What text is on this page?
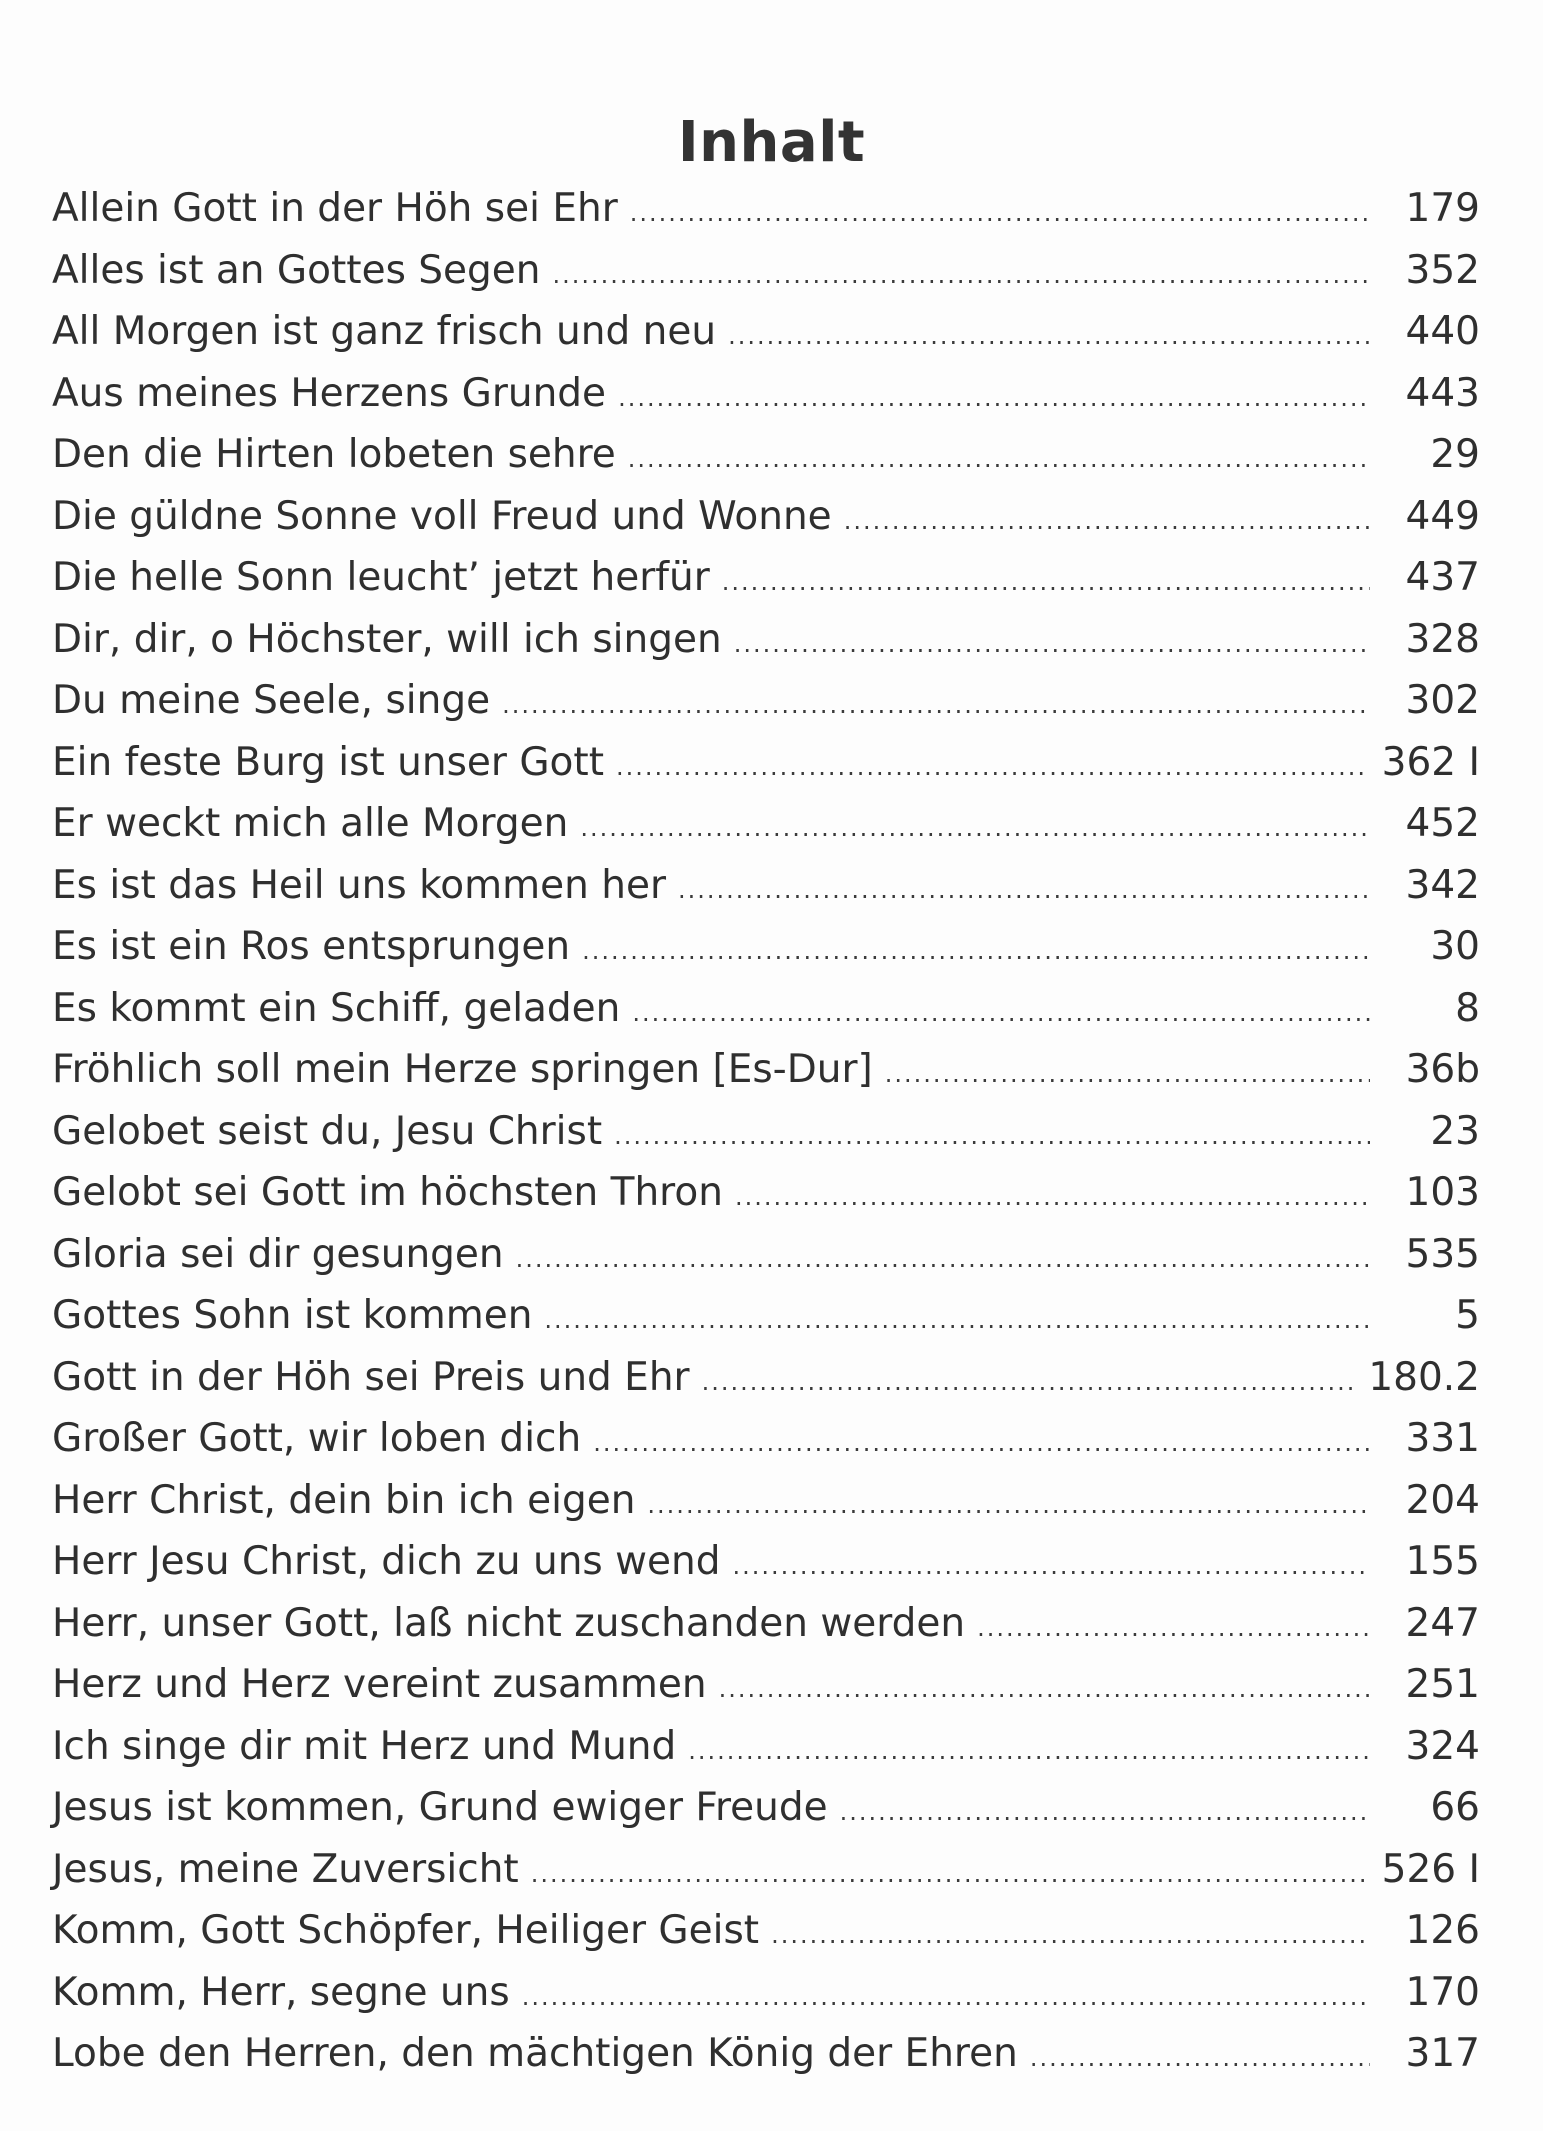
Inhalt
Allein Gott in der Höh sei Ehr .....	179
Alles ist an Gottes Segen .....	352
All Morgen ist ganz frisch und neu .....	440
Aus meines Herzens Grunde .....	443
Den die Hirten lobeten sehre .....	29
Die güldne Sonne voll Freud und Wonne .....	449
Die helle Sonn leucht’ jetzt herfür .....	437
Dir, dir, o Höchster, will ich singen .....	328
Du meine Seele, singe .....	302
Ein feste Burg ist unser Gott .....	362 I
Er weckt mich alle Morgen .....	452
Es ist das Heil uns kommen her .....	342
Es ist ein Ros entsprungen .....	30
Es kommt ein Schiff, geladen .....	8
Fröhlich soll mein Herze springen [Es-Dur] .....	36b
Gelobet seist du, Jesu Christ .....	23
Gelobt sei Gott im höchsten Thron .....	103
Gloria sei dir gesungen .....	535
Gottes Sohn ist kommen .....	5
Gott in der Höh sei Preis und Ehr .....	180.2
Großer Gott, wir loben dich .....	331
Herr Christ, dein bin ich eigen .....	204
Herr Jesu Christ, dich zu uns wend .....	155
Herr, unser Gott, laß nicht zuschanden werden .....	247
Herz und Herz vereint zusammen .....	251
Ich singe dir mit Herz und Mund .....	324
Jesus ist kommen, Grund ewiger Freude .....	66
Jesus, meine Zuversicht .....	526 I
Komm, Gott Schöpfer, Heiliger Geist .....	126
Komm, Herr, segne uns .....	170
Lobe den Herren, den mächtigen König der Ehren .....	317
